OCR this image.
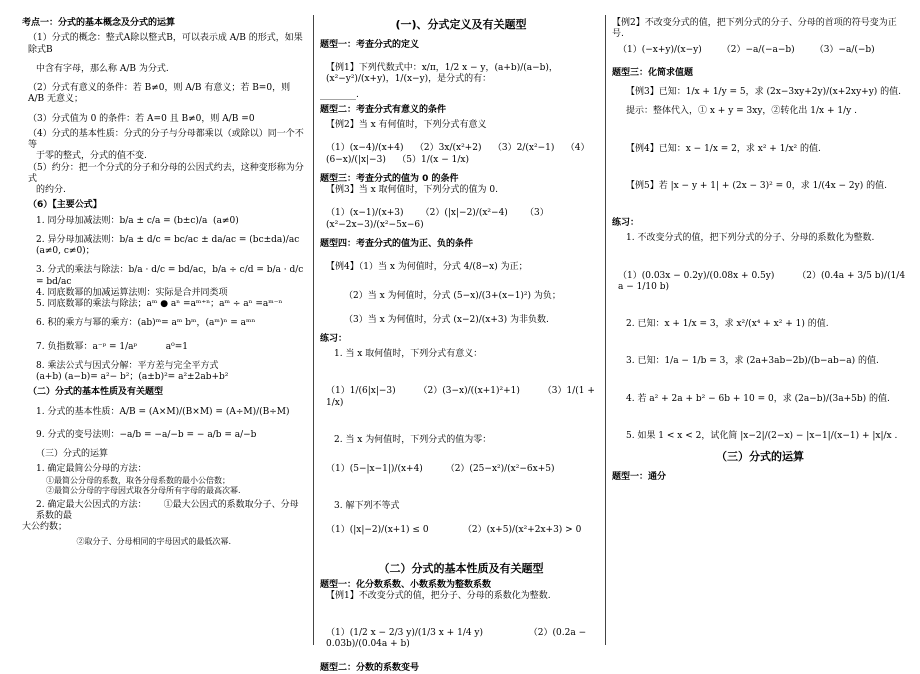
考点一：分式的基本概念及分式的运算

（1）分式的概念：整式A除以整式B，可以表示成 A/B 的形式，如果除式B

中含有字母，那么称 A/B 为分式.

（2）分式有意义的条件：若 B≠0，则 A/B 有意义；若 B=0，则 A/B 无意义；

（3）分式值为 0 的条件：若 A=0 且 B≠0，则 A/B =0

（4）分式的基本性质：分式的分子与分母都乘以（或除以）同一个不等

于零的整式，分式的值不变.

（5）约分：把一个分式的分子和分母的公因式约去，这种变形称为分式

的约分.

（6）【主要公式】

1. 同分母加减法则：b/a ± c/a = (b±c)/a  (a≠0)

2. 异分母加减法则：b/a ± d/c = bc/ac ± da/ac = (bc±da)/ac  (a≠0, c≠0)；

3. 分式的乘法与除法：b/a · d/c = bd/ac，b/a ÷ c/d = b/a · d/c = bd/ac

4. 同底数幂的加减运算法则：实际是合并同类项

5. 同底数幂的乘法与除法；aᵐ ● aⁿ =aᵐ⁺ⁿ；aᵐ ÷ aⁿ =aᵐ⁻ⁿ

6. 积的乘方与幂的乘方：(ab)ᵐ= aᵐ bᵐ，(aᵐ)ⁿ = aᵐⁿ

7. 负指数幂：a⁻ᵖ = 1/aᵖ          a⁰=1

8. 乘法公式与因式分解：平方差与完全平方式

(a+b) (a−b)= a²− b²；(a±b)²= a²±2ab+b²

（二）分式的基本性质及有关题型

1. 分式的基本性质：A/B = (A×M)/(B×M) = (A÷M)/(B÷M)

9. 分式的变号法则：−a/b = −a/−b = − a/b = a/−b

（三）分式的运算

1. 确定最简公分母的方法：

①最简公分母的系数，取各分母系数的最小公倍数；

②最简公分母的字母因式取各分母所有字母的最高次幂.

2. 确定最大公因式的方法：      ①最大公因式的系数取分子、分母系数的最

大公约数；

②取分子、分母相同的字母因式的最低次幂.

(一)、分式定义及有关题型

题型一：考查分式的定义

【例1】下列代数式中：x/π，1/2 x − y，(a+b)/(a−b)，(x²−y²)/(x+y)，1/(x−y)，是分式的有：

________.

题型二：考查分式有意义的条件

【例2】当 x 有何值时，下列分式有意义

（1）(x−4)/(x+4)    （2）3x/(x²+2)    （3）2/(x²−1)    （4）(6−x)/(|x|−3)    （5）1/(x − 1/x)

题型三：考查分式的值为 0 的条件

【例3】当 x 取何值时，下列分式的值为 0.

（1）(x−1)/(x+3)      （2）(|x|−2)/(x²−4)      （3）(x²−2x−3)/(x²−5x−6)

题型四：考查分式的值为正、负的条件

【例4】（1）当 x 为何值时，分式 4/(8−x) 为正；

（2）当 x 为何值时，分式 (5−x)/(3+(x−1)²) 为负；

（3）当 x 为何值时，分式 (x−2)/(x+3) 为非负数.

练习：

1. 当 x 取何值时，下列分式有意义：

（1）1/(6|x|−3)        （2）(3−x)/((x+1)²+1)        （3）1/(1 + 1/x)

2. 当 x 为何值时，下列分式的值为零：

（1）(5−|x−1|)/(x+4)        （2）(25−x²)/(x²−6x+5)

3. 解下列不等式

（1）(|x|−2)/(x+1) ≤ 0            （2）(x+5)/(x²+2x+3) > 0

（二）分式的基本性质及有关题型

题型一：化分数系数、小数系数为整数系数

【例1】不改变分式的值，把分子、分母的系数化为整数.

（1）(1/2 x − 2/3 y)/(1/3 x + 1/4 y)                （2）(0.2a − 0.03b)/(0.04a + b)

题型二：分数的系数变号

【例2】不改变分式的值，把下列分式的分子、分母的首项的符号变为正号.

（1）(−x+y)/(x−y)       （2）−a/(−a−b)       （3）−a/(−b)

题型三：化简求值题

【例3】已知：1/x + 1/y = 5，求 (2x−3xy+2y)/(x+2xy+y) 的值.

提示：整体代入，① x + y = 3xy，②转化出 1/x + 1/y .

【例4】已知：x − 1/x = 2，求 x² + 1/x² 的值.

【例5】若 |x − y + 1| + (2x − 3)² = 0，求 1/(4x − 2y) 的值.

练习：

1. 不改变分式的值，把下列分式的分子、分母的系数化为整数.

（1）(0.03x − 0.2y)/(0.08x + 0.5y)        （2）(0.4a + 3/5 b)/(1/4 a − 1/10 b)

2. 已知：x + 1/x = 3，求 x²/(x⁴ + x² + 1) 的值.

3. 已知：1/a − 1/b = 3，求 (2a+3ab−2b)/(b−ab−a) 的值.

4. 若 a² + 2a + b² − 6b + 10 = 0，求 (2a−b)/(3a+5b) 的值.

5. 如果 1 < x < 2，试化简 |x−2|/(2−x) − |x−1|/(x−1) + |x|/x .

（三）分式的运算

题型一：通分
